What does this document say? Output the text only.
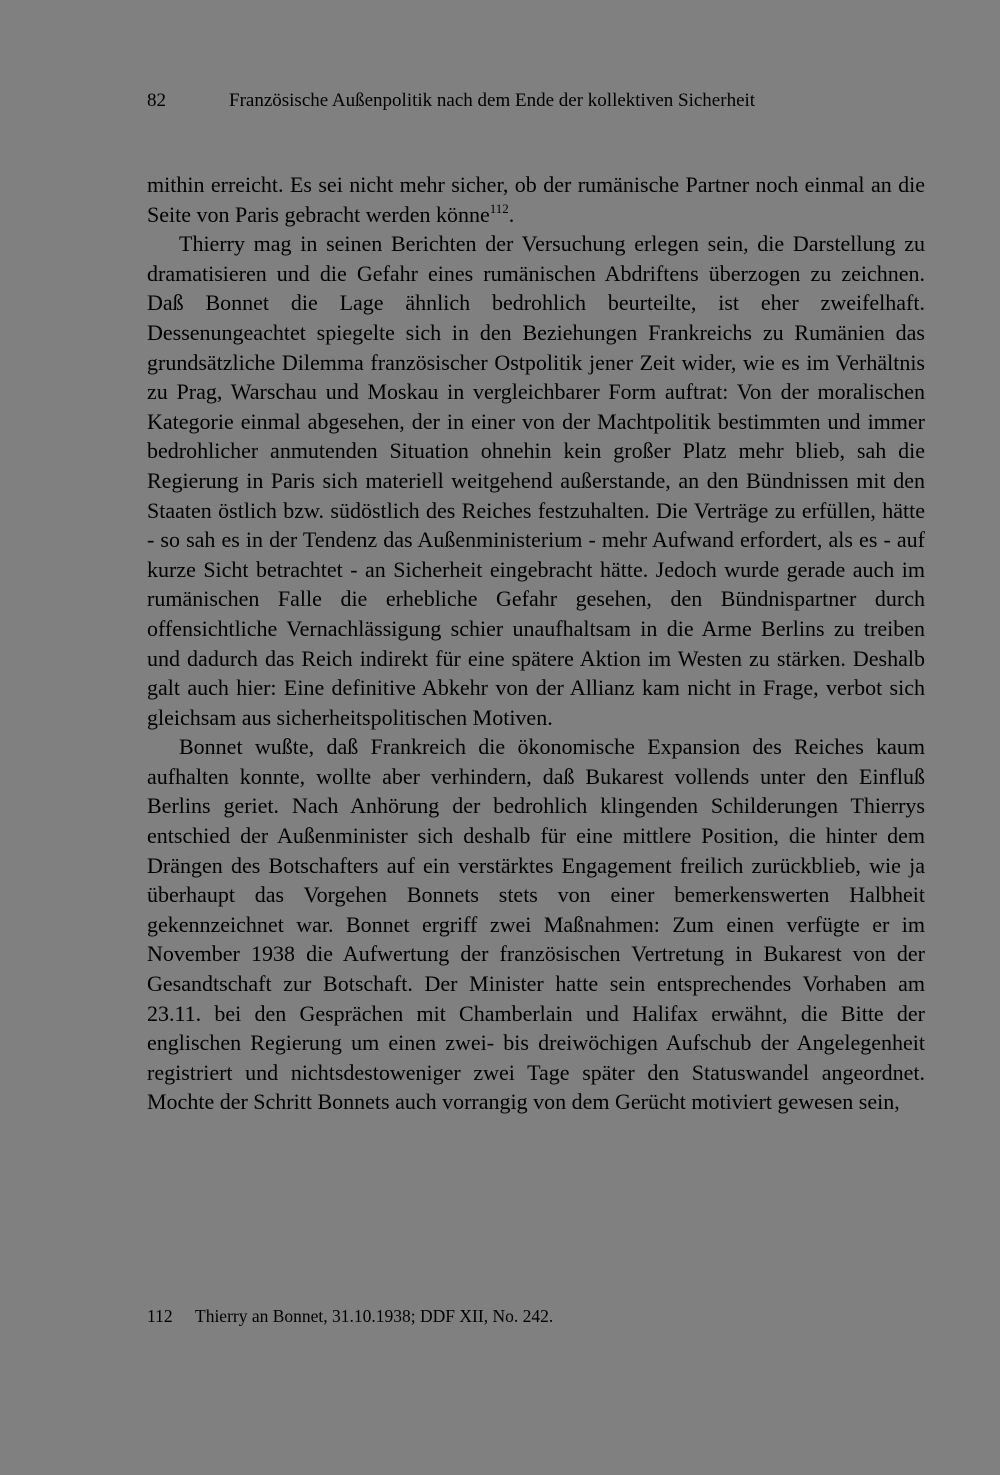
82	Französische Außenpolitik nach dem Ende der kollektiven Sicherheit

mithin erreicht. Es sei nicht mehr sicher, ob der rumänische Partner noch einmal an die Seite von Paris gebracht werden könne$^{112}$.

Thierry mag in seinen Berichten der Versuchung erlegen sein, die Darstellung zu dramatisieren und die Gefahr eines rumänischen Abdriftens überzogen zu zeichnen. Daß Bonnet die Lage ähnlich bedrohlich beurteilte, ist eher zweifelhaft. Dessenungeachtet spiegelte sich in den Beziehungen Frankreichs zu Rumänien das grundsätzliche Dilemma französischer Ostpolitik jener Zeit wider, wie es im Verhältnis zu Prag, Warschau und Moskau in vergleichbarer Form auftrat: Von der moralischen Kategorie einmal abgesehen, der in einer von der Machtpolitik bestimmten und immer bedrohlicher anmutenden Situation ohnehin kein großer Platz mehr blieb, sah die Regierung in Paris sich materiell weitgehend außerstande, an den Bündnissen mit den Staaten östlich bzw. südöstlich des Reiches festzuhalten. Die Verträge zu erfüllen, hätte - so sah es in der Tendenz das Außenministerium - mehr Aufwand erfordert, als es - auf kurze Sicht betrachtet - an Sicherheit eingebracht hätte. Jedoch wurde gerade auch im rumänischen Falle die erhebliche Gefahr gesehen, den Bündnispartner durch offensichtliche Vernachlässigung schier unaufhaltsam in die Arme Berlins zu treiben und dadurch das Reich indirekt für eine spätere Aktion im Westen zu stärken. Deshalb galt auch hier: Eine definitive Abkehr von der Allianz kam nicht in Frage, verbot sich gleichsam aus sicherheitspolitischen Motiven.

Bonnet wußte, daß Frankreich die ökonomische Expansion des Reiches kaum aufhalten konnte, wollte aber verhindern, daß Bukarest vollends unter den Einfluß Berlins geriet. Nach Anhörung der bedrohlich klingenden Schilderungen Thierrys entschied der Außenminister sich deshalb für eine mittlere Position, die hinter dem Drängen des Botschafters auf ein verstärktes Engagement freilich zurückblieb, wie ja überhaupt das Vorgehen Bonnets stets von einer bemerkenswerten Halbheit gekennzeichnet war. Bonnet ergriff zwei Maßnahmen: Zum einen verfügte er im November 1938 die Aufwertung der französischen Vertretung in Bukarest von der Gesandtschaft zur Botschaft. Der Minister hatte sein entsprechendes Vorhaben am 23.11. bei den Gesprächen mit Chamberlain und Halifax erwähnt, die Bitte der englischen Regierung um einen zwei- bis dreiwöchigen Aufschub der Angelegenheit registriert und nichtsdestoweniger zwei Tage später den Statuswandel angeordnet. Mochte der Schritt Bonnets auch vorrangig von dem Gerücht motiviert gewesen sein,

112 Thierry an Bonnet, 31.10.1938; DDF XII, No. 242.
